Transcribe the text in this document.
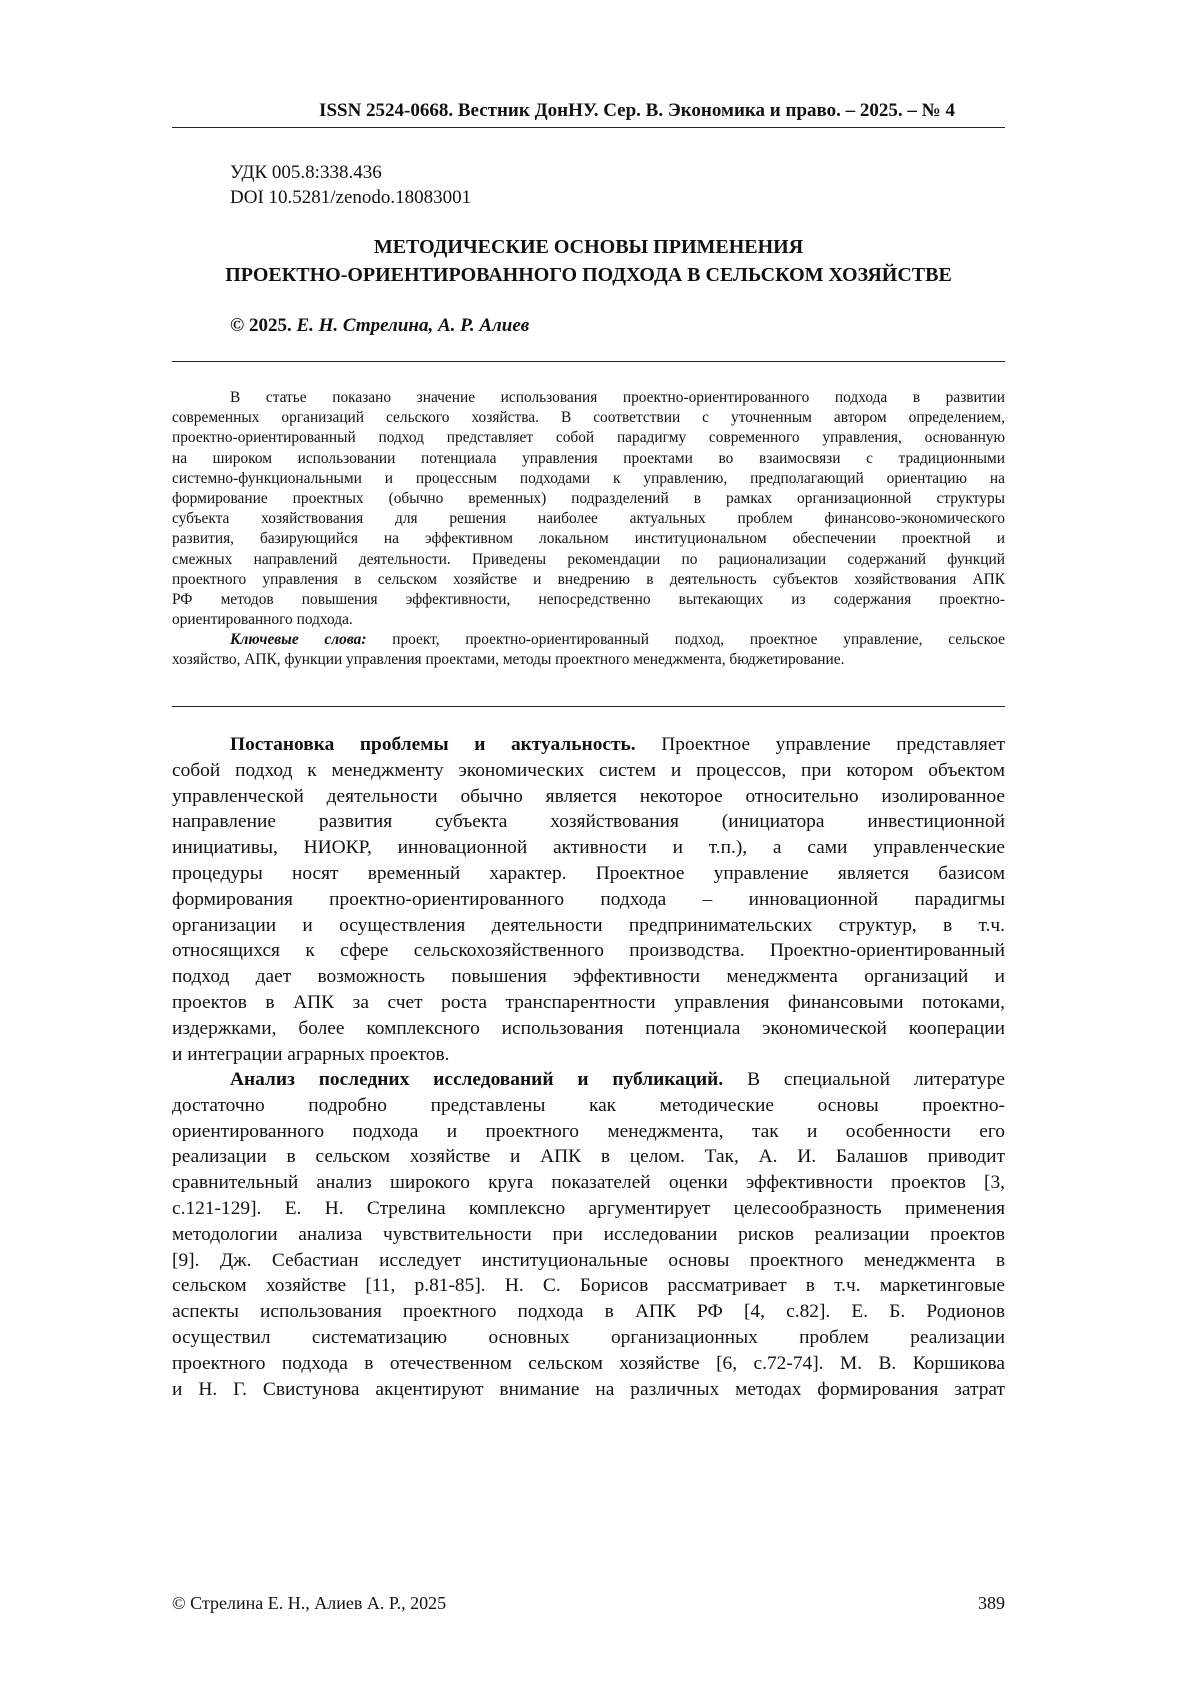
ISSN 2524-0668. Вестник ДонНУ. Сер. В. Экономика и право. – 2025. – № 4
УДК 005.8:338.436
DOI 10.5281/zenodo.18083001
МЕТОДИЧЕСКИЕ ОСНОВЫ ПРИМЕНЕНИЯ
ПРОЕКТНО-ОРИЕНТИРОВАННОГО ПОДХОДА В СЕЛЬСКОМ ХОЗЯЙСТВЕ
© 2025. Е. Н. Стрелина, А. Р. Алиев
В статье показано значение использования проектно-ориентированного подхода в развитии
современных организаций сельского хозяйства. В соответствии с уточненным автором определением,
проектно-ориентированный подход представляет собой парадигму современного управления, основанную
на широком использовании потенциала управления проектами во взаимосвязи с традиционными
системно-функциональными и процессным подходами к управлению, предполагающий ориентацию на
формирование проектных (обычно временных) подразделений в рамках организационной структуры
субъекта хозяйствования для решения наиболее актуальных проблем финансово-экономического
развития, базирующийся на эффективном локальном институциональном обеспечении проектной и
смежных направлений деятельности. Приведены рекомендации по рационализации содержаний функций
проектного управления в сельском хозяйстве и внедрению в деятельность субъектов хозяйствования АПК
РФ методов повышения эффективности, непосредственно вытекающих из содержания проектно-
ориентированного подхода.
Ключевые слова: проект, проектно-ориентированный подход, проектное управление, сельское
хозяйство, АПК, функции управления проектами, методы проектного менеджмента, бюджетирование.
Постановка проблемы и актуальность. Проектное управление представляет
собой подход к менеджменту экономических систем и процессов, при котором объектом
управленческой деятельности обычно является некоторое относительно изолированное
направление развития субъекта хозяйствования (инициатора инвестиционной
инициативы, НИОКР, инновационной активности и т.п.), а сами управленческие
процедуры носят временный характер. Проектное управление является базисом
формирования проектно-ориентированного подхода – инновационной парадигмы
организации и осуществления деятельности предпринимательских структур, в т.ч.
относящихся к сфере сельскохозяйственного производства. Проектно-ориентированный
подход дает возможность повышения эффективности менеджмента организаций и
проектов в АПК за счет роста транспарентности управления финансовыми потоками,
издержками, более комплексного использования потенциала экономической кооперации
и интеграции аграрных проектов.
Анализ последних исследований и публикаций. В специальной литературе
достаточно подробно представлены как методические основы проектно-
ориентированного подхода и проектного менеджмента, так и особенности его
реализации в сельском хозяйстве и АПК в целом. Так, А. И. Балашов приводит
сравнительный анализ широкого круга показателей оценки эффективности проектов [3,
с.121-129]. Е. Н. Стрелина комплексно аргументирует целесообразность применения
методологии анализа чувствительности при исследовании рисков реализации проектов
[9]. Дж. Себастиан исследует институциональные основы проектного менеджмента в
сельском хозяйстве [11, p.81-85]. Н. С. Борисов рассматривает в т.ч. маркетинговые
аспекты использования проектного подхода в АПК РФ [4, с.82]. Е. Б. Родионов
осуществил систематизацию основных организационных проблем реализации
проектного подхода в отечественном сельском хозяйстве [6, с.72-74]. М. В. Коршикова
и Н. Г. Свистунова акцентируют внимание на различных методах формирования затрат
© Стрелина Е. Н., Алиев А. Р., 2025	389
